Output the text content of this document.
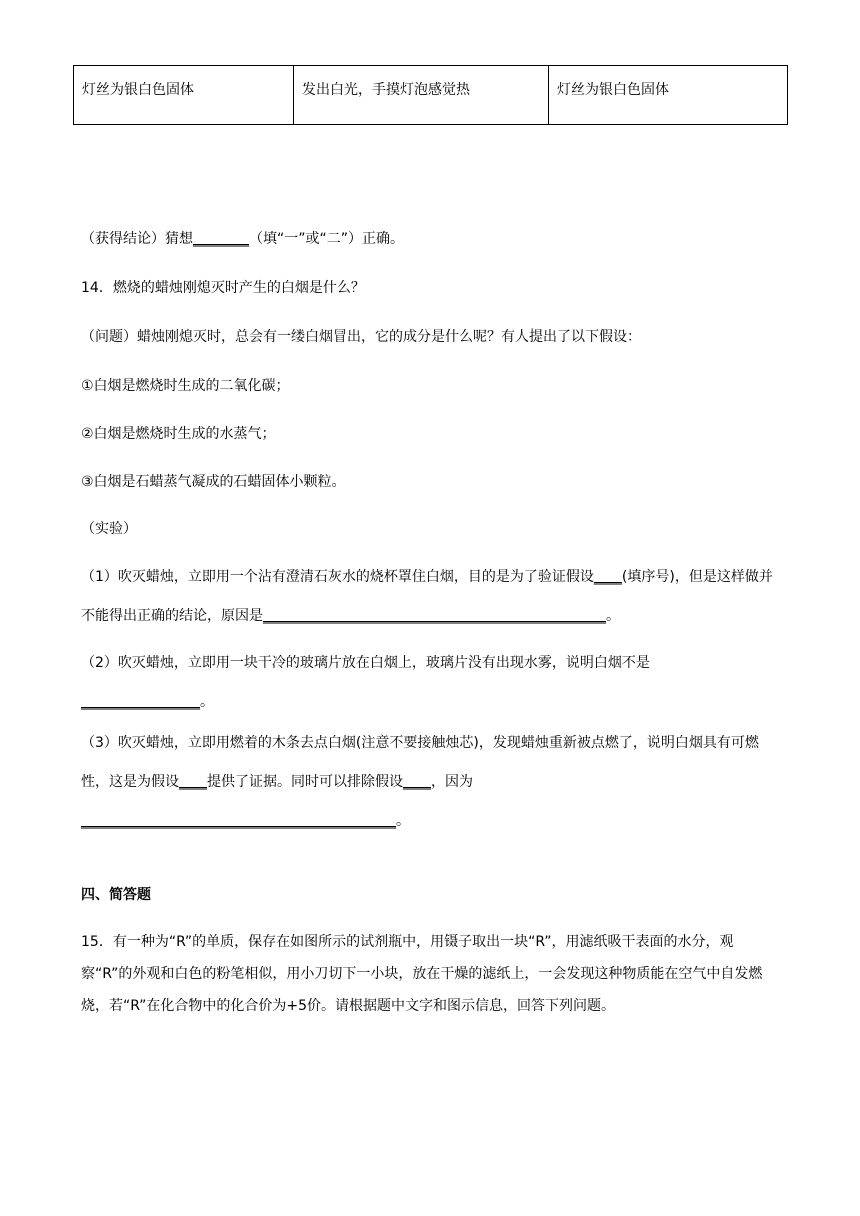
灯丝为银白色固体	发出白光，手摸灯泡感觉热	灯丝为银白色固体
（获得结论）猜想________（填“一”或“二”）正确。
14．燃烧的蜡烛刚熄灭时产生的白烟是什么？
（问题）蜡烛刚熄灭时，总会有一缕白烟冒出，它的成分是什么呢？有人提出了以下假设：
①白烟是燃烧时生成的二氧化碳；
②白烟是燃烧时生成的水蒸气；
③白烟是石蜡蒸气凝成的石蜡固体小颗粒。
（实验）
（1）吹灭蜡烛，立即用一个沾有澄清石灰水的烧杯罩住白烟，目的是为了验证假设____(填序号)，但是这样做并不能得出正确的结论，原因是_________________________________________________。
（2）吹灭蜡烛，立即用一块干冷的玻璃片放在白烟上，玻璃片没有出现水雾，说明白烟不是_________________。
（3）吹灭蜡烛，立即用燃着的木条去点白烟(注意不要接触烛芯)，发现蜡烛重新被点燃了，说明白烟具有可燃性，这是为假设____提供了证据。同时可以排除假设____，因为
_____________________________________________。
四、简答题
15．有一种为“R”的单质，保存在如图所示的试剂瓶中，用镊子取出一块“R”，用滤纸吸干表面的水分，观察“R”的外观和白色的粉笔相似，用小刀切下一小块，放在干燥的滤纸上，一会发现这种物质能在空气中自发燃烧，若“R”在化合物中的化合价为+5价。请根据题中文字和图示信息，回答下列问题。
